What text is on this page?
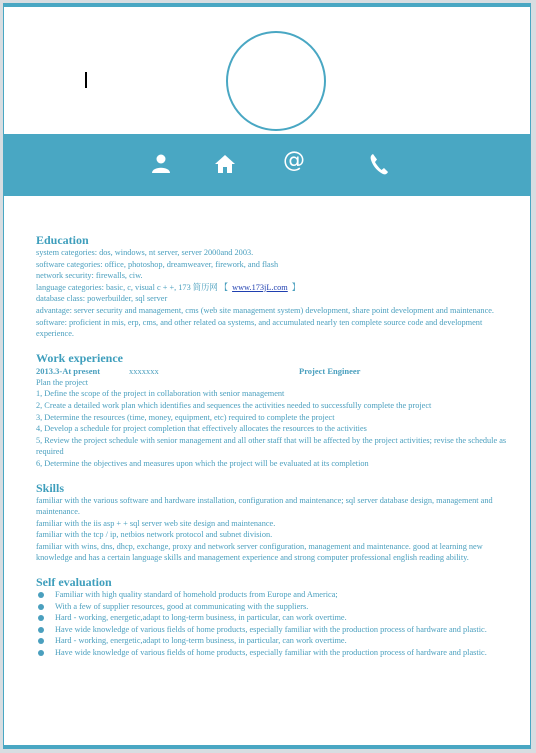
@
Education

system categories: dos, windows, nt server, server 2000and 2003.

software categories: office, photoshop, dreamweaver, firework, and flash

network security: firewalls, ciw.

language categories: basic, c, visual c + +, 173 简历网 【 www.173jL.com 】

database class: powerbuilder, sql server

advantage: server security and management, cms (web site management system) development, share point development and maintenance. software: proficient in mis, erp, cms, and other related oa systems, and accumulated nearly ten complete source code and development experience.

Work experience
2013.3-At present	xxxxxxx	Project Engineer

Plan the project

1, Define the scope of the project in collaboration with senior management

2, Create a detailed work plan which identifies and sequences the activities needed to successfully complete the project

3, Determine the resources (time, money, equipment, etc) required to complete the project

4, Develop a schedule for project completion that effectively allocates the resources to the activities

5, Review the project schedule with senior management and all other staff that will be affected by the project activities; revise the schedule as required

6, Determine the objectives and measures upon which the project will be evaluated at its completion

Skills

familiar with the various software and hardware installation, configuration and maintenance; sql server database design, management and maintenance.

familiar with the iis asp + + sql server web site design and maintenance.

familiar with the tcp / ip, netbios network protocol and subnet division.

familiar with wins, dns, dhcp, exchange, proxy and network server configuration, management and maintenance. good at learning new knowledge and has a certain language skills and management experience and strong computer professional english reading ability.

Self evaluation
Familiar with high quality standard of homehold products from Europe and America;
With a few of supplier resources, good at communicating with the suppliers.
Hard - working, energetic,adapt to long-term business, in particular, can work overtime.
Have wide knowledge of various fields of home products, especially familiar with the production process of hardware and plastic.
Hard - working, energetic,adapt to long-term business, in particular, can work overtime.
Have wide knowledge of various fields of home products, especially familiar with the production process of hardware and plastic.
